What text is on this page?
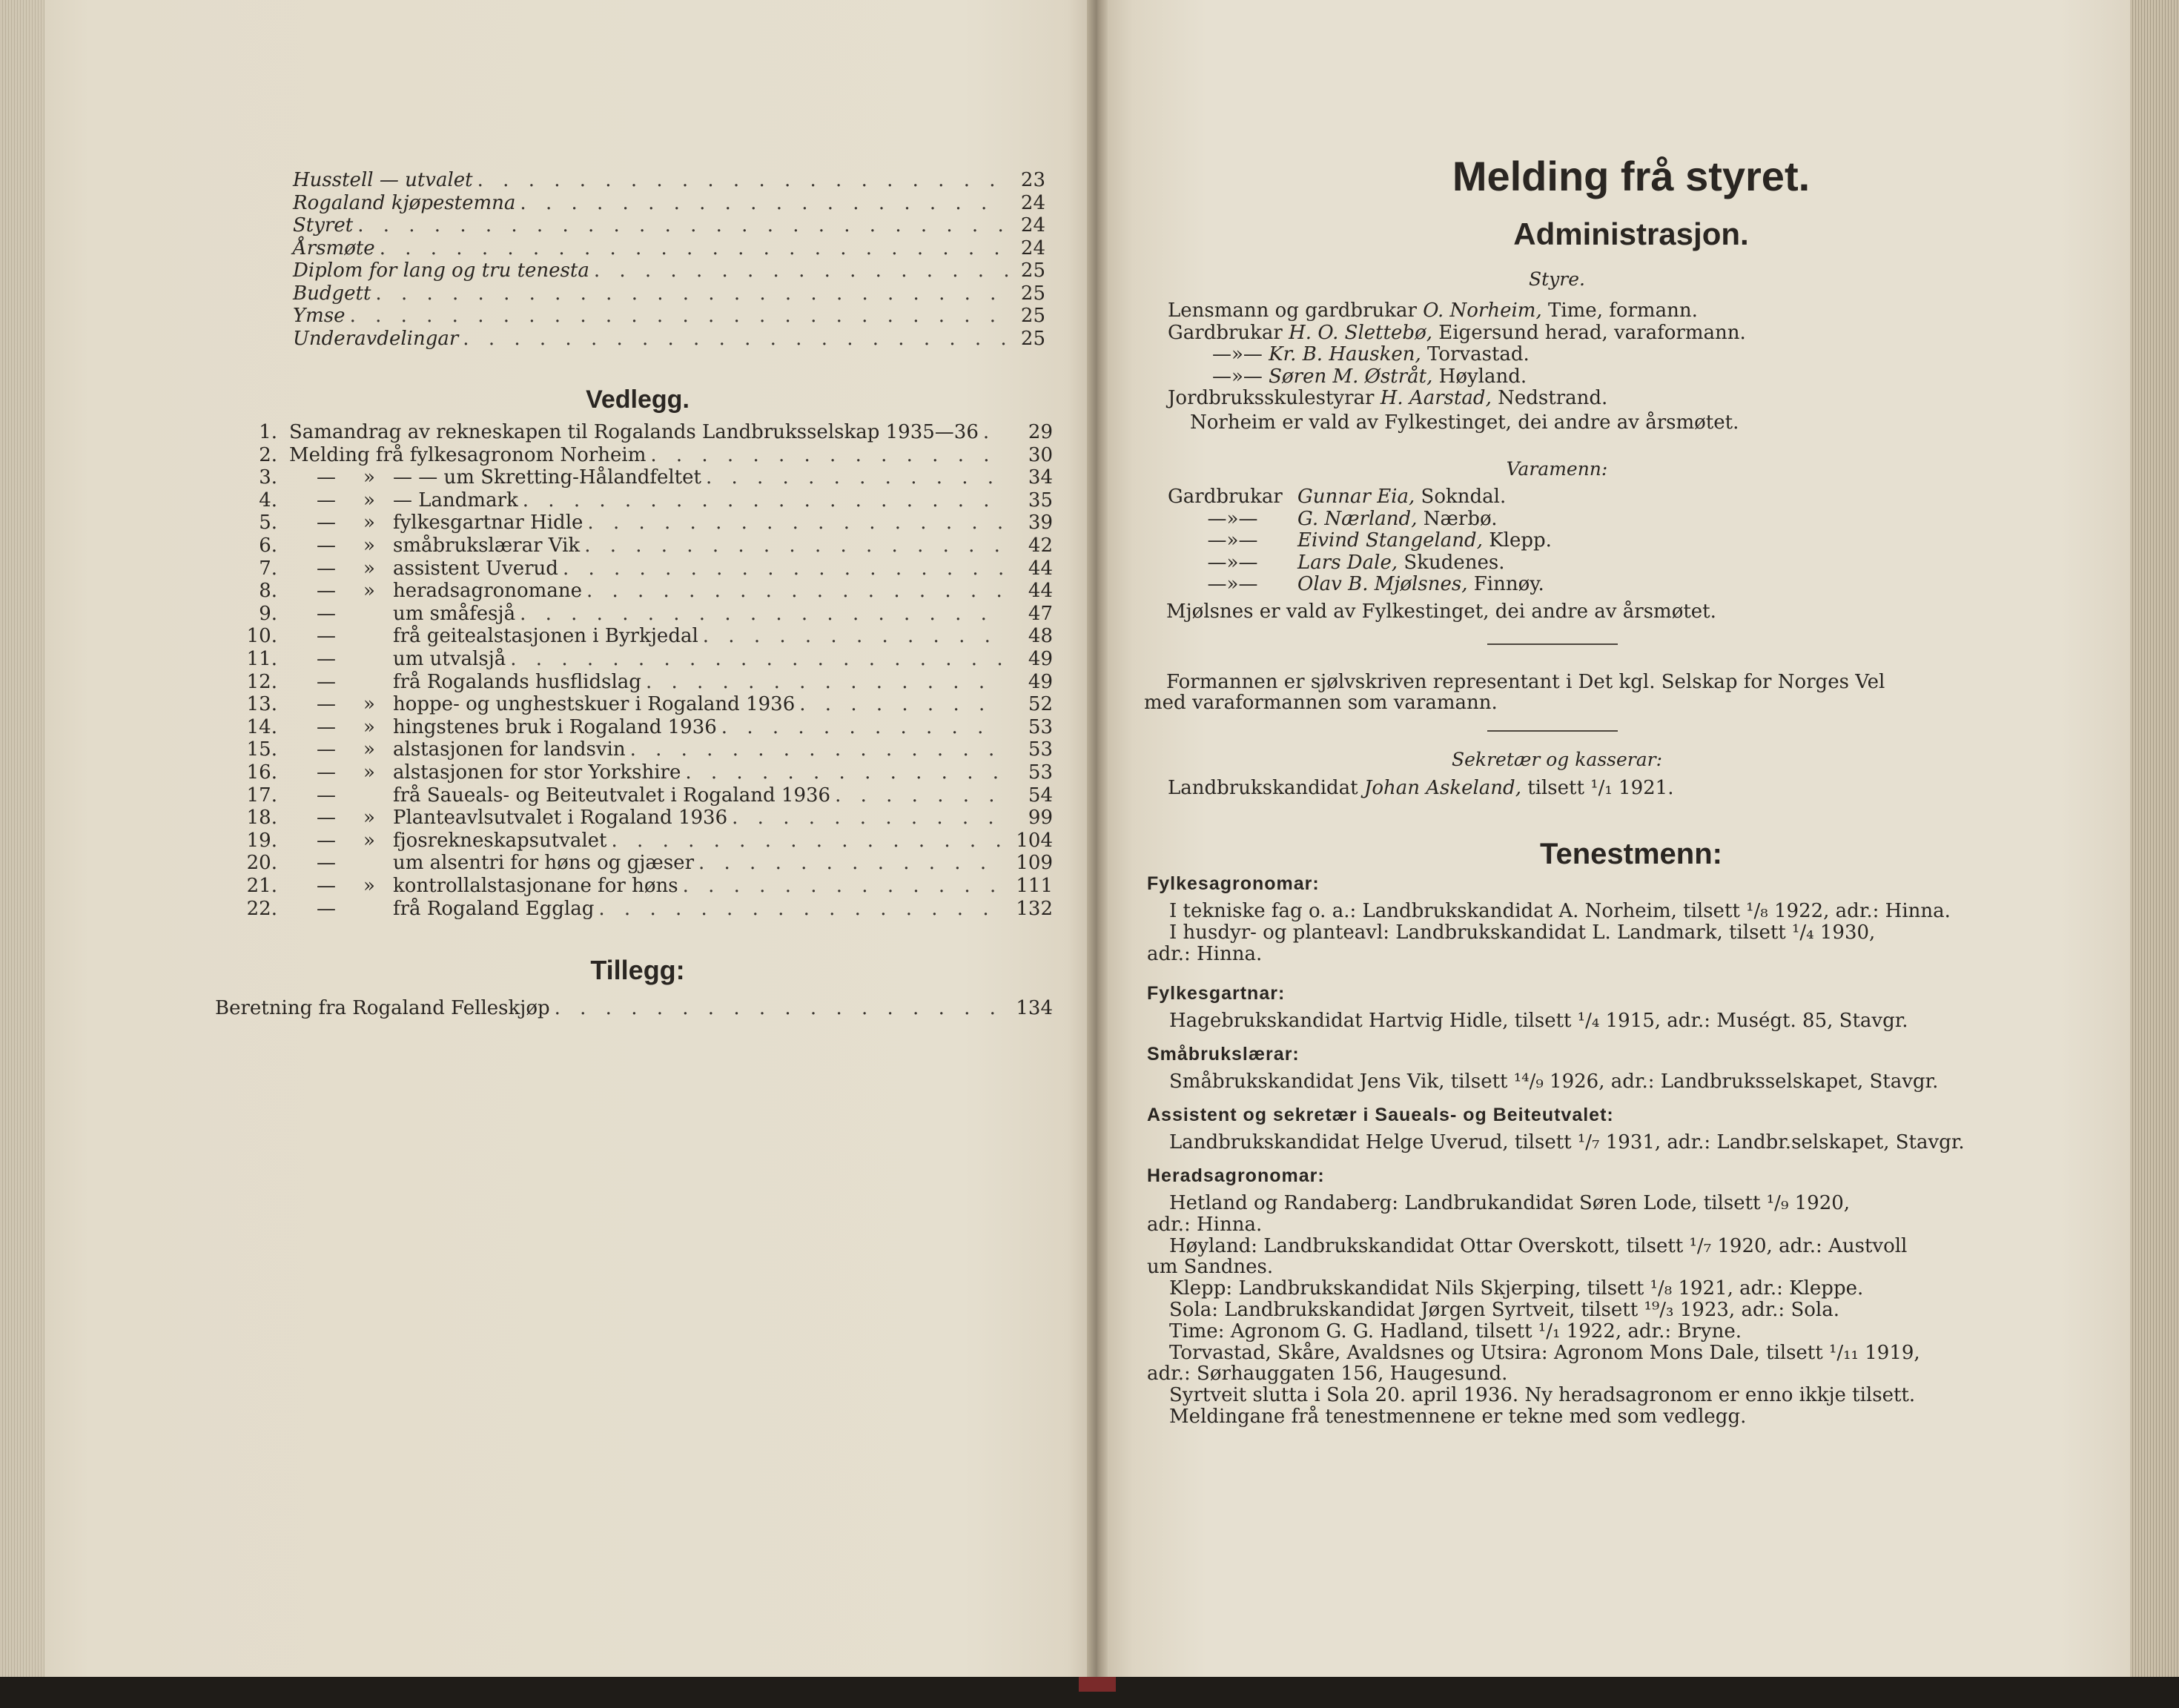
Husstell — utvalet . . .	23
Rogaland kjøpestemna . . .	24
Styret . . .	24
Årsmøte . . .	24
Diplom for lang og tru tenesta . . .	25
Budgett . . .	25
Ymse . . .	25
Underavdelingar . . .	25
Vedlegg.
1. Samandrag av rekneskapen til Rogalands Landbruksselskap 1935—36 . . .	29
2. Melding frå fylkesagronom Norheim . . .	30
3.	—	» — — um Skretting-Hålandfeltet . . .	34
4.	—	» — Landmark . . .	35
5.	—	» fylkesgartnar Hidle . . .	39
6.	—	» småbrukslærar Vik . . .	42
7.	—	» assistent Uverud . . .	44
8.	—	» heradsagronomane . . .	44
9.	—	um småfesjå . . .	47
10.	—	frå geitealstasjonen i Byrkjedal . . .	48
11.	—	um utvalsjå . . .	49
12.	—	frå Rogalands husflidslag . . .	49
13.	—	» hoppe- og unghestskuer i Rogaland 1936 . . .	52
14.	—	» hingstenes bruk i Rogaland 1936 . . .	53
15.	—	» alstasjonen for landsvin . . .	53
16.	—	» alstasjonen for stor Yorkshire . . .	53
17.	—	frå Saueals- og Beiteutvalet i Rogaland 1936 . . .	54
18.	—	» Planteavlsutvalet i Rogaland 1936 . . .	99
19.	—	» fjosrekneskapsutvalet . . .	104
20.	—	um alsentri for høns og gjæser . . .	109
21.	—	» kontrollalstasjonane for høns . . .	111
22.	—	frå Rogaland Egglag . . .	132
Tillegg:
Beretning fra Rogaland Felleskjøp . . .	134
Melding frå styret.
Administrasjon.
Styre.
Lensmann og gardbrukar O. Norheim, Time, formann.
Gardbrukar H. O. Slettebø, Eigersund herad, varaformann.
—»— Kr. B. Hausken, Torvastad.
—»— Søren M. Østråt, Høyland.
Jordbruksskulestyrar H. Aarstad, Nedstrand.
Norheim er vald av Fylkestinget, dei andre av årsmøtet.
Varamenn:
Gardbrukar Gunnar Eia, Sokndal.
—»— G. Nærland, Nærbø.
—»— Eivind Stangeland, Klepp.
—»— Lars Dale, Skudenes.
—»— Olav B. Mjølsnes, Finnøy.
Mjølsnes er vald av Fylkestinget, dei andre av årsmøtet.
Formannen er sjølvskriven representant i Det kgl. Selskap for Norges Vel
med varaformannen som varamann.
Sekretær og kasserar:
Landbrukskandidat Johan Askeland, tilsett ¹/₁ 1921.
Tenestmenn:
Fylkesagronomar:
I tekniske fag o. a.: Landbrukskandidat A. Norheim, tilsett ¹/₈ 1922, adr.: Hinna.
I husdyr- og planteavl: Landbrukskandidat L. Landmark, tilsett ¹/₄ 1930,
adr.: Hinna.
Fylkesgartnar:
Hagebrukskandidat Hartvig Hidle, tilsett ¹/₄ 1915, adr.: Muségt. 85, Stavgr.
Småbrukslærar:
Småbrukskandidat Jens Vik, tilsett ¹⁴/₉ 1926, adr.: Landbruksselskapet, Stavgr.
Assistent og sekretær i Saueals- og Beiteutvalet:
Landbrukskandidat Helge Uverud, tilsett ¹/₇ 1931, adr.: Landbr.selskapet, Stavgr.
Heradsagronomar:
Hetland og Randaberg: Landbrukandidat Søren Lode, tilsett ¹/₉ 1920,
adr.: Hinna.
Høyland: Landbrukskandidat Ottar Overskott, tilsett ¹/₇ 1920, adr.: Austvoll
um Sandnes.
Klepp: Landbrukskandidat Nils Skjerping, tilsett ¹/₈ 1921, adr.: Kleppe.
Sola: Landbrukskandidat Jørgen Syrtveit, tilsett ¹⁹/₃ 1923, adr.: Sola.
Time: Agronom G. G. Hadland, tilsett ¹/₁ 1922, adr.: Bryne.
Torvastad, Skåre, Avaldsnes og Utsira: Agronom Mons Dale, tilsett ¹/₁₁ 1919,
adr.: Sørhauggaten 156, Haugesund.
Syrtveit slutta i Sola 20. april 1936. Ny heradsagronom er enno ikkje tilsett.
Meldingane frå tenestmennene er tekne med som vedlegg.
